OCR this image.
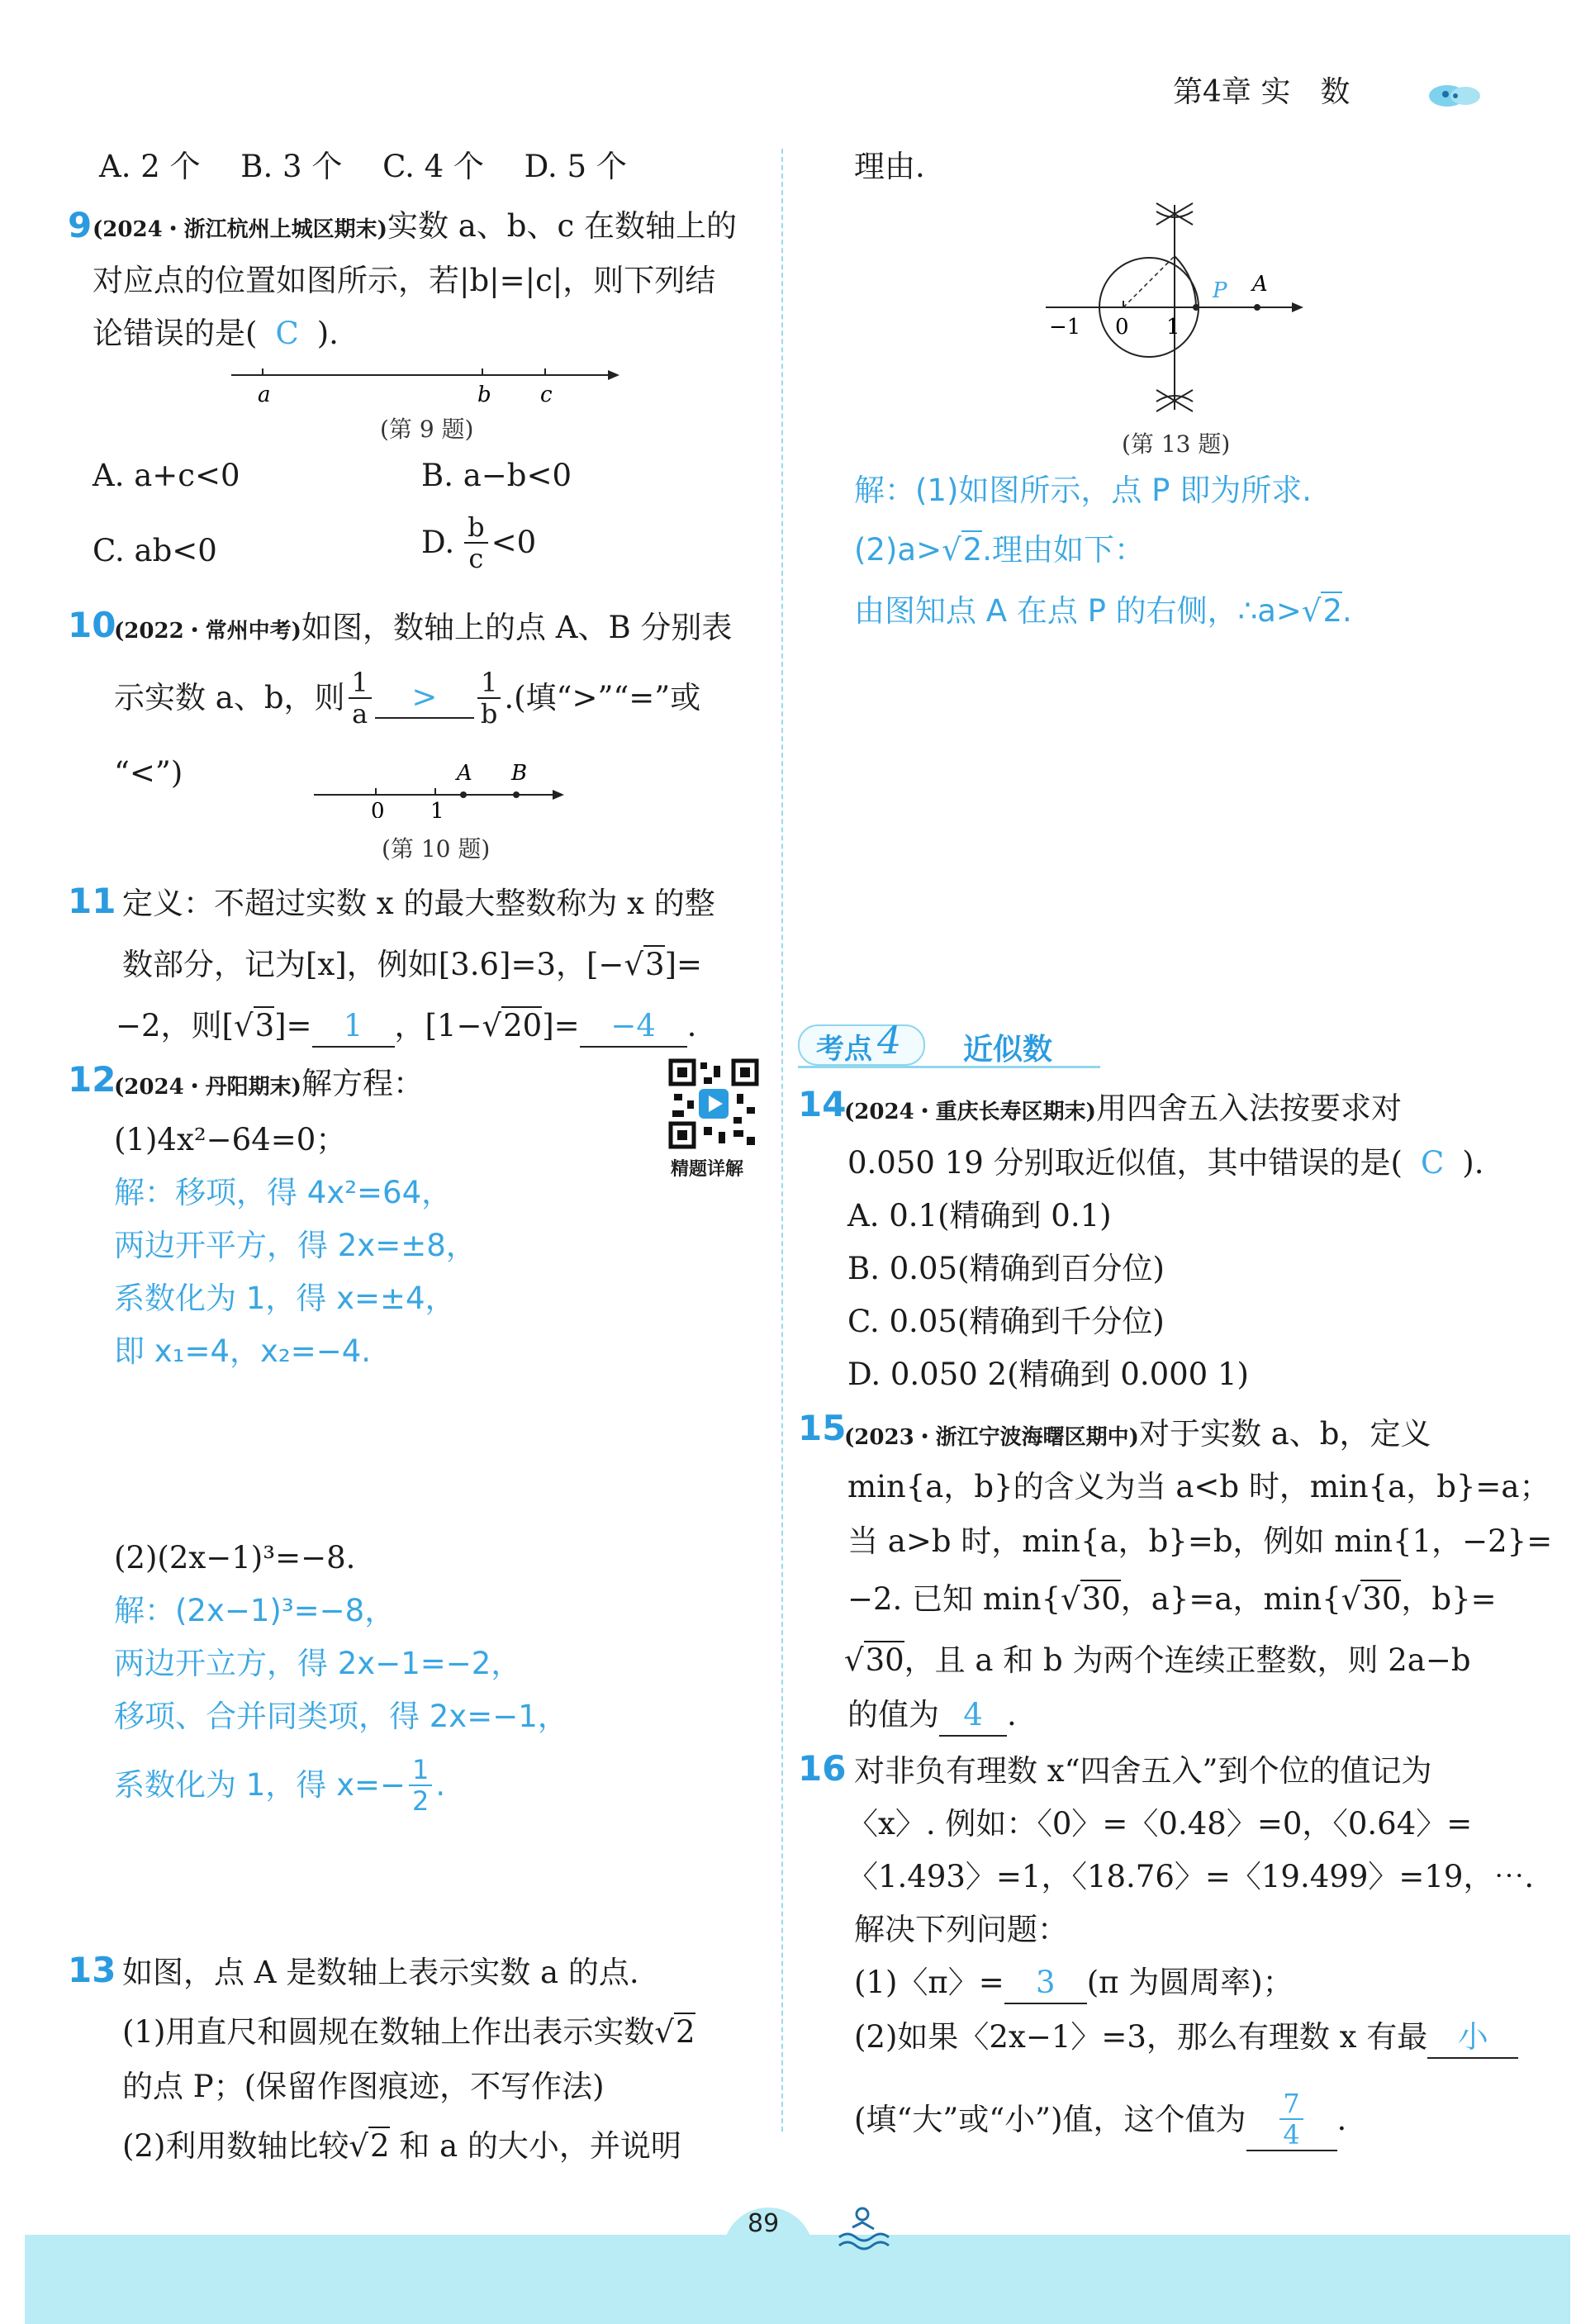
第4章 实　数
A. 2 个　 B. 3 个　 C. 4 个　 D. 5 个
9 (2024・浙江杭州上城区期末)实数 a、b、c 在数轴上的
对应点的位置如图所示，若|b|=|c|，则下列结
论错误的是( C ).
a	b c
(第 9 题)
A. a+c<0	B. a−b<0
C. ab<0	D. $\frac{b}{c} <0$
10
(2022・常州中考)如图，数轴上的点 A、B 分别表
示实数 a、b，则 $\frac{1}{a}$	>	$\frac{1}{b}$ .(填“>”“=”或
“<”)
0 1
A B
(第 10 题)
11 定义：不超过实数 x 的最大整数称为 x 的整
数部分，记为[x]，例如[3.6]=3，[−√3]=
−2，则[√3]= 1 ，[1−√20]= −4 .
12
(2024・丹阳期末)解方程：
精题详解
(1)4x²−64=0；
解：移项，得 4x²=64，
两边开平方，得 2x=±8，
系数化为 1，得 x=±4，
即 x₁=4，x₂=−4.
(2)(2x−1)³=−8.
解：(2x−1)³=−8，
两边开立方，得 2x−1=−2，
移项、合并同类项，得 2x=−1，
系数化为 1，得 $x=- \frac{1}{2}$ .
13 如图，点 A 是数轴上表示实数 a 的点.
(1)用直尺和圆规在数轴上作出表示实数√2
的点 P；(保留作图痕迹，不写作法)
(2)利用数轴比较√2 和 a 的大小，并说明
理由.
−1 0 1
P A
(第 13 题)
解：(1)如图所示，点 P 即为所求.
(2)a>√2.理由如下：
由图知点 A 在点 P 的右侧，∴a>√2.
考点 4 近似数
14
(2024・重庆长寿区期末)用四舍五入法按要求对
0.050 19 分别取近似值，其中错误的是( C ).
A. 0.1(精确到 0.1)
B. 0.05(精确到百分位)
C. 0.05(精确到千分位)
D. 0.050 2(精确到 0.000 1)
15
(2023・浙江宁波海曙区期中)对于实数 a、b，定义
min{a，b}的含义为当 a<b 时，min{a，b}=a；
当 a>b 时，min{a，b}=b，例如 min{1，−2}=
−2. 已知 min{√30，a}=a，min{√30，b}=
√30，且 a 和 b 为两个连续正整数，则 2a−b
的值为 4 .
16 对非负有理数 x“四舍五入”到个位的值记为
〈x〉. 例如：〈0〉=〈0.48〉=0，〈0.64〉=
〈1.493〉=1，〈18.76〉=〈19.499〉=19，⋯.
解决下列问题：
(1)〈π〉= 3 (π 为圆周率)；
(2)如果〈2x−1〉=3，那么有理数 x 有最 小
(填“大”或“小”)值，这个值为 $\frac{7}{4}$ .
89
